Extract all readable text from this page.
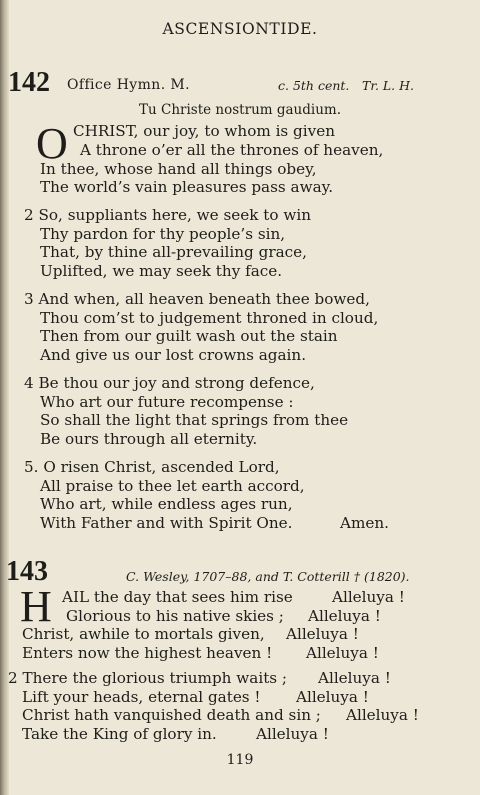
ASCENSIONTIDE.
142 Office Hymn. M.	c. 5th cent. Tr. L. H.
Tu Christe nostrum gaudium.
O CHRIST, our joy, to whom is given
A throne o’er all the thrones of heaven,
In thee, whose hand all things obey,
The world’s vain pleasures pass away.
2 So, suppliants here, we seek to win
Thy pardon for thy people’s sin,
That, by thine all-prevailing grace,
Uplifted, we may seek thy face.
3 And when, all heaven beneath thee bowed,
Thou com’st to judgement throned in cloud,
Then from our guilt wash out the stain
And give us our lost crowns again.
4 Be thou our joy and strong defence,
Who art our future recompense :
So shall the light that springs from thee
Be ours through all eternity.
5. O risen Christ, ascended Lord,
All praise to thee let earth accord,
Who art, while endless ages run,
With Father and with Spirit One.	Amen.
143	C. Wesley, 1707–88, and T. Cotterill † (1820).
H AIL the day that sees him rise	Alleluya !
Glorious to his native skies ; Alleluya !
Christ, awhile to mortals given, Alleluya !
Enters now the highest heaven ! Alleluya !
2 There the glorious triumph waits ; Alleluya !
Lift your heads, eternal gates ! Alleluya !
Christ hath vanquished death and sin ; Alleluya !
Take the King of glory in.	Alleluya !
119
